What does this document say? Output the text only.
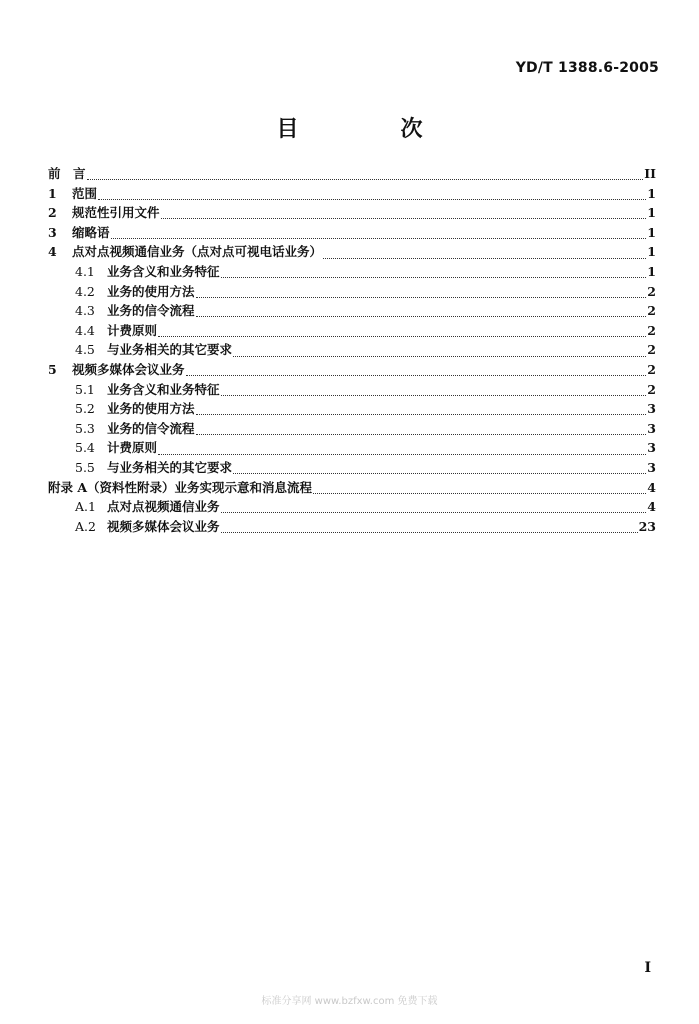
YD/T 1388.6-2005
目　次
前　言	II
1	范围	1
2	规范性引用文件	1
3	缩略语	1
4	点对点视频通信业务（点对点可视电话业务）	1
4.1 业务含义和业务特征	1
4.2 业务的使用方法	2
4.3 业务的信令流程	2
4.4 计费原则	2
4.5 与业务相关的其它要求	2
5	视频多媒体会议业务	2
5.1 业务含义和业务特征	2
5.2 业务的使用方法	3
5.3 业务的信令流程	3
5.4 计费原则	3
5.5 与业务相关的其它要求	3
附录 A（资料性附录）业务实现示意和消息流程	4
A.1 点对点视频通信业务	4
A.2 视频多媒体会议业务	23
I
标准分享网 www.bzfxw.com 免费下载
